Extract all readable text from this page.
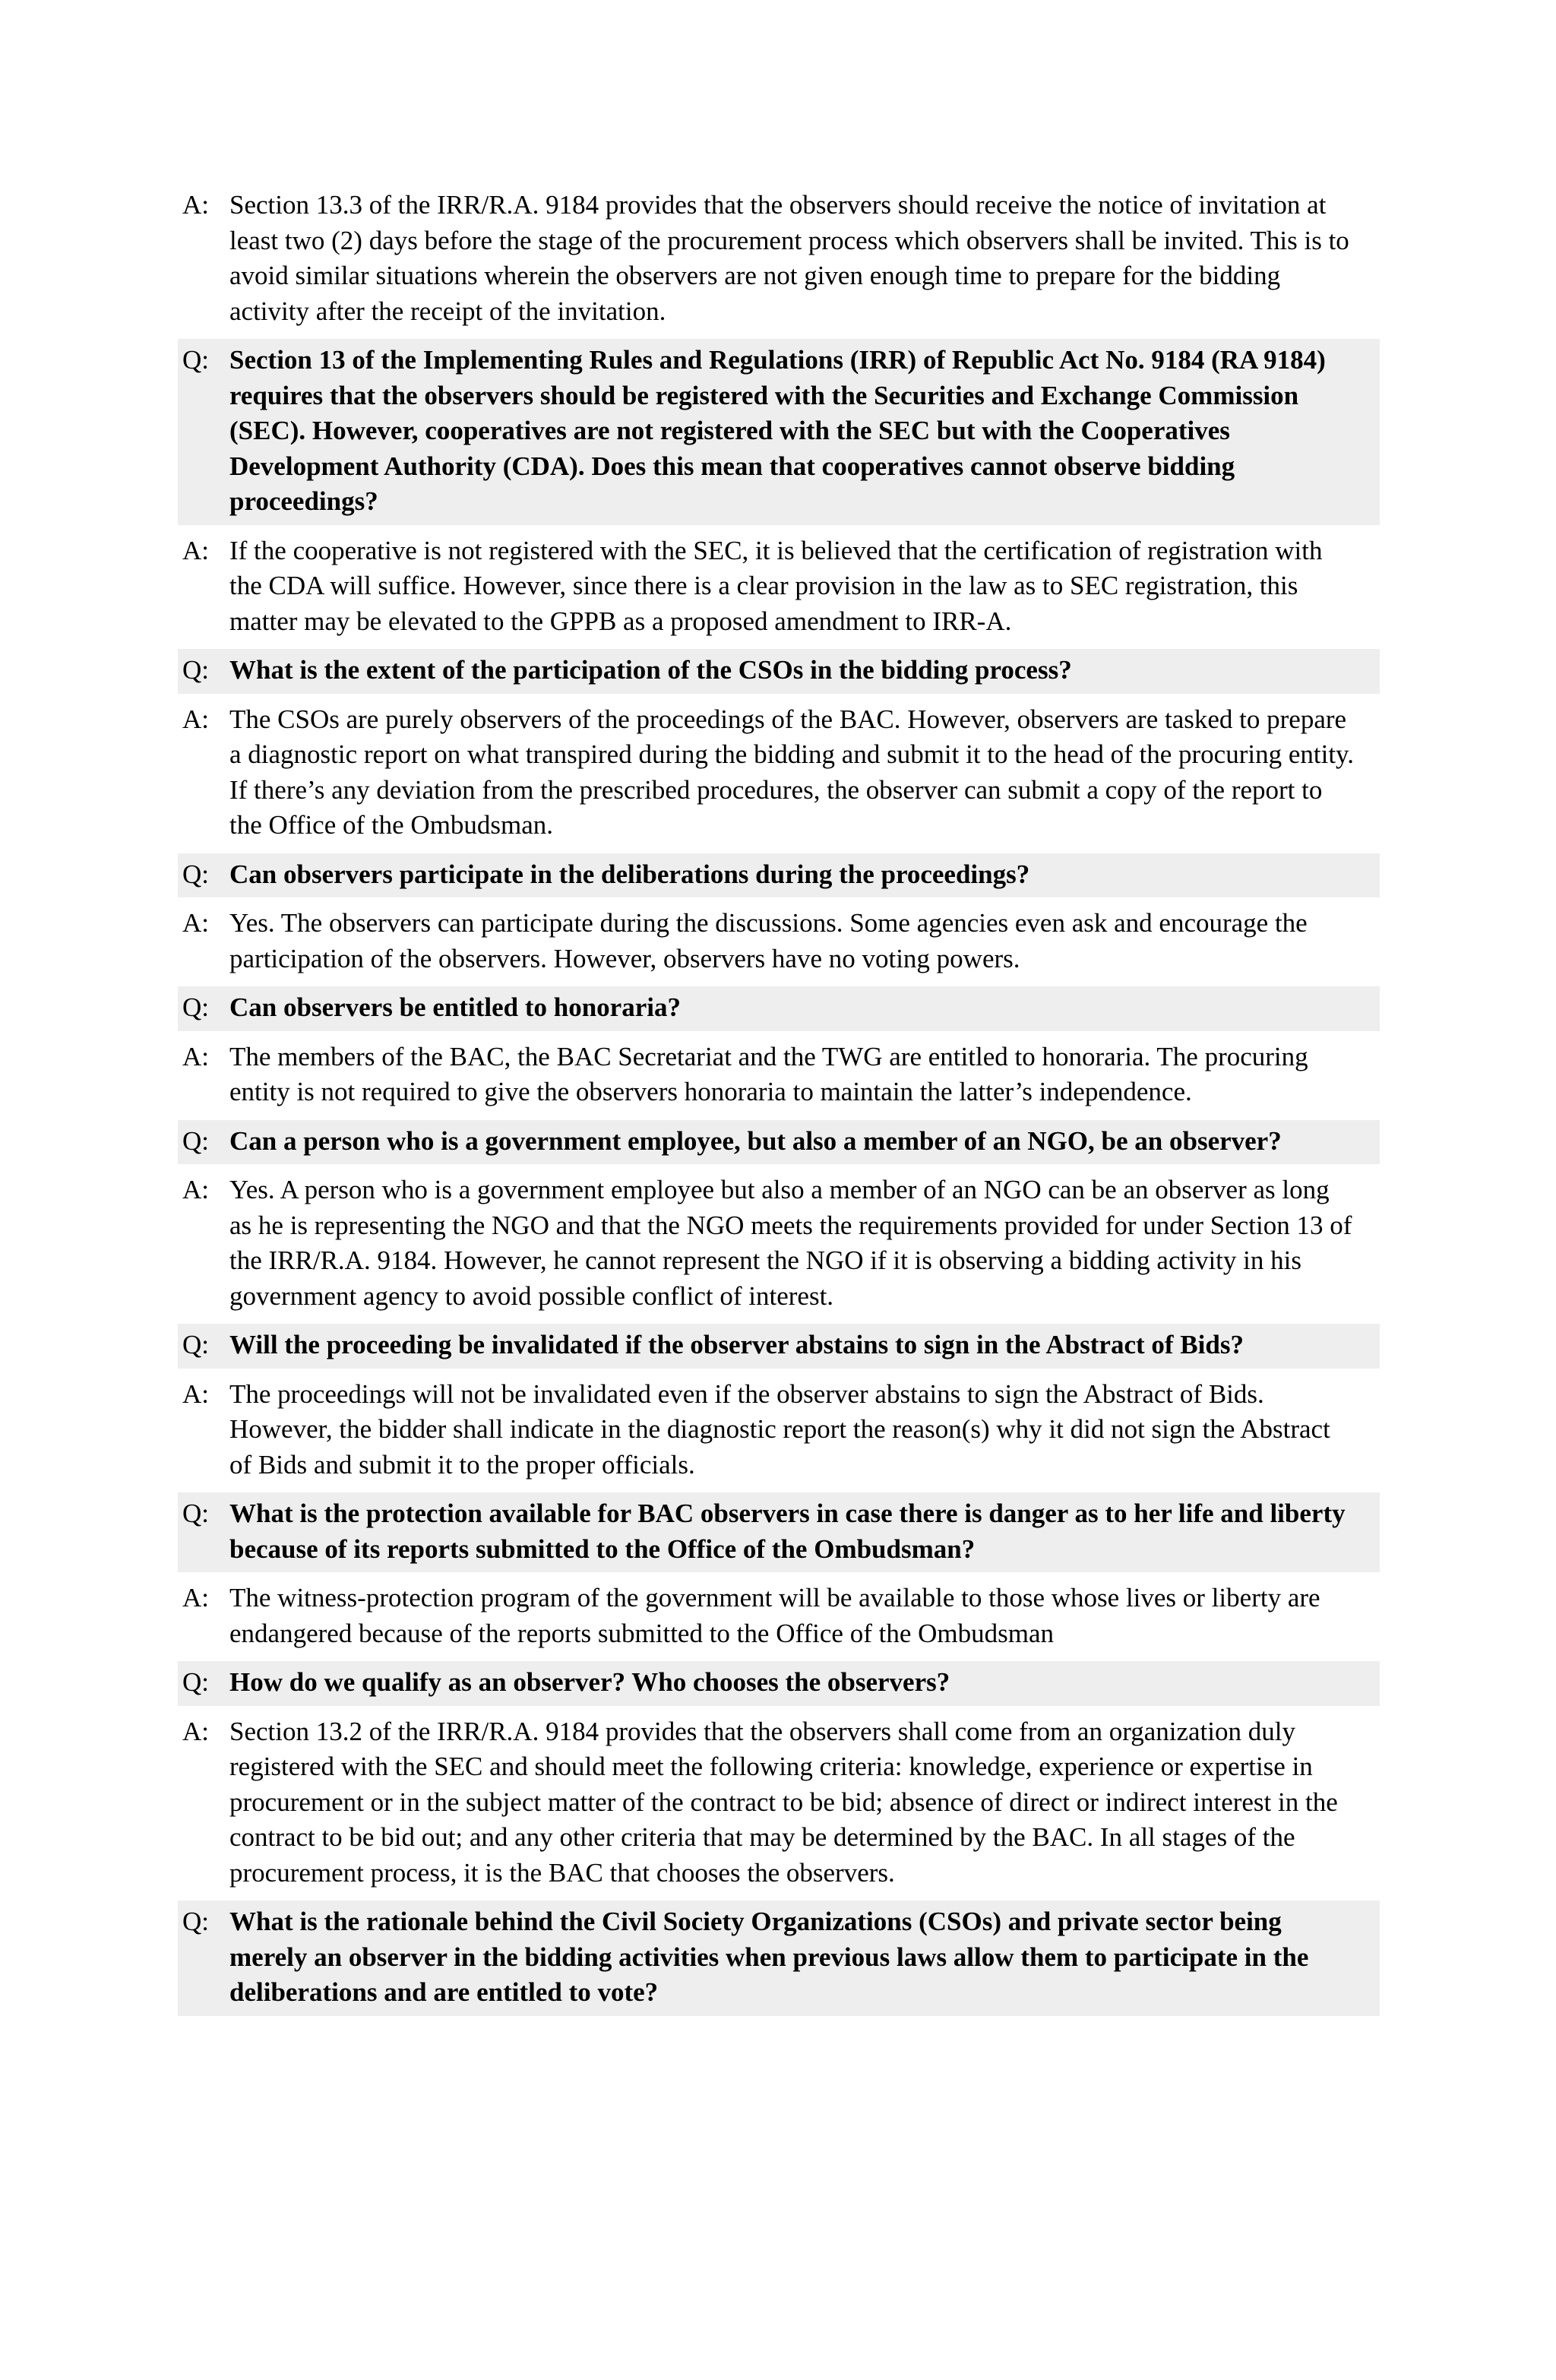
A: Section 13.3 of the IRR/R.A. 9184 provides that the observers should receive the notice of invitation at least two (2) days before the stage of the procurement process which observers shall be invited. This is to avoid similar situations wherein the observers are not given enough time to prepare for the bidding activity after the receipt of the invitation.
Q: Section 13 of the Implementing Rules and Regulations (IRR) of Republic Act No. 9184 (RA 9184) requires that the observers should be registered with the Securities and Exchange Commission (SEC). However, cooperatives are not registered with the SEC but with the Cooperatives Development Authority (CDA). Does this mean that cooperatives cannot observe bidding proceedings?
A: If the cooperative is not registered with the SEC, it is believed that the certification of registration with the CDA will suffice. However, since there is a clear provision in the law as to SEC registration, this matter may be elevated to the GPPB as a proposed amendment to IRR-A.
Q: What is the extent of the participation of the CSOs in the bidding process?
A: The CSOs are purely observers of the proceedings of the BAC. However, observers are tasked to prepare a diagnostic report on what transpired during the bidding and submit it to the head of the procuring entity. If there’s any deviation from the prescribed procedures, the observer can submit a copy of the report to the Office of the Ombudsman.
Q: Can observers participate in the deliberations during the proceedings?
A: Yes. The observers can participate during the discussions. Some agencies even ask and encourage the participation of the observers. However, observers have no voting powers.
Q: Can observers be entitled to honoraria?
A: The members of the BAC, the BAC Secretariat and the TWG are entitled to honoraria. The procuring entity is not required to give the observers honoraria to maintain the latter’s independence.
Q: Can a person who is a government employee, but also a member of an NGO, be an observer?
A: Yes. A person who is a government employee but also a member of an NGO can be an observer as long as he is representing the NGO and that the NGO meets the requirements provided for under Section 13 of the IRR/R.A. 9184. However, he cannot represent the NGO if it is observing a bidding activity in his government agency to avoid possible conflict of interest.
Q: Will the proceeding be invalidated if the observer abstains to sign in the Abstract of Bids?
A: The proceedings will not be invalidated even if the observer abstains to sign the Abstract of Bids. However, the bidder shall indicate in the diagnostic report the reason(s) why it did not sign the Abstract of Bids and submit it to the proper officials.
Q: What is the protection available for BAC observers in case there is danger as to her life and liberty because of its reports submitted to the Office of the Ombudsman?
A: The witness-protection program of the government will be available to those whose lives or liberty are endangered because of the reports submitted to the Office of the Ombudsman
Q: How do we qualify as an observer? Who chooses the observers?
A: Section 13.2 of the IRR/R.A. 9184 provides that the observers shall come from an organization duly registered with the SEC and should meet the following criteria: knowledge, experience or expertise in procurement or in the subject matter of the contract to be bid; absence of direct or indirect interest in the contract to be bid out; and any other criteria that may be determined by the BAC. In all stages of the procurement process, it is the BAC that chooses the observers.
Q: What is the rationale behind the Civil Society Organizations (CSOs) and private sector being merely an observer in the bidding activities when previous laws allow them to participate in the deliberations and are entitled to vote?
